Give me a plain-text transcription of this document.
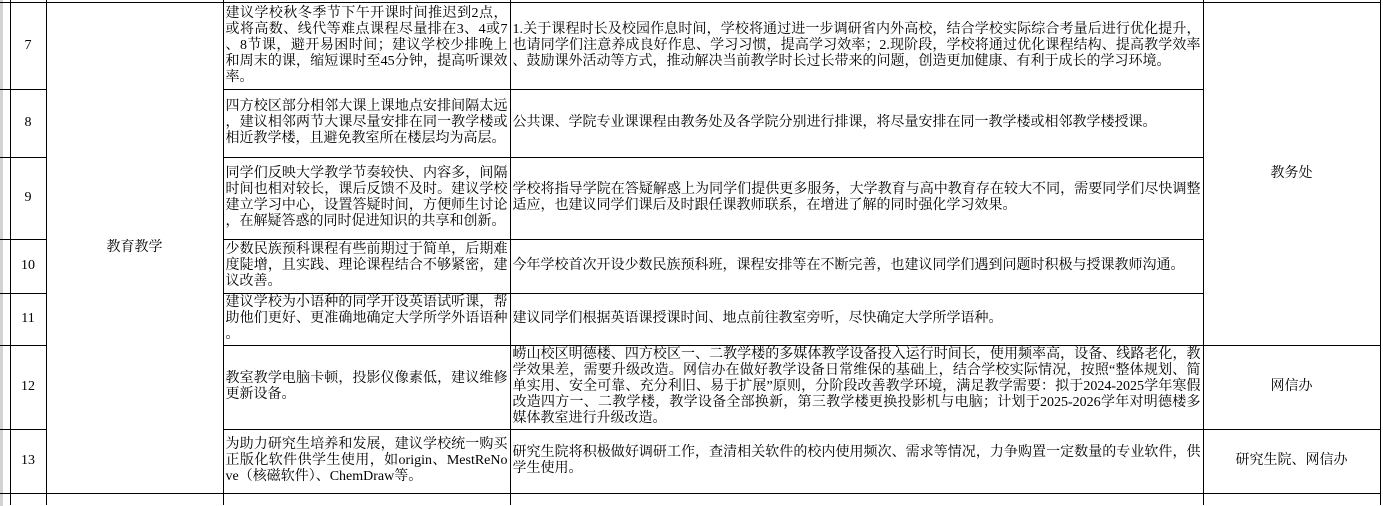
	7	教育教学	建议学校秋冬季节下午开课时间推迟到2点，或将高数、线代等难点课程尽量排在3、4或7、8节课，避开易困时间；建议学校少排晚上和周末的课，缩短课时至45分钟，提高听课效率。	1.关于课程时长及校园作息时间，学校将通过进一步调研省内外高校，结合学校实际综合考量后进行优化提升，也请同学们注意养成良好作息、学习习惯，提高学习效率；2.现阶段，学校将通过优化课程结构、提高教学效率、鼓励课外活动等方式，推动解决当前教学时长过长带来的问题，创造更加健康、有利于成长的学习环境。	教务处
	8		四方校区部分相邻大课上课地点安排间隔太远，建议相邻两节大课尽量安排在同一教学楼或相近教学楼，且避免教室所在楼层均为高层。	公共课、学院专业课课程由教务处及各学院分别进行排课，将尽量安排在同一教学楼或相邻教学楼授课。	
	9		同学们反映大学教学节奏较快、内容多，间隔时间也相对较长，课后反馈不及时。建议学校建立学习中心，设置答疑时间，方便师生讨论，在解疑答惑的同时促进知识的共享和创新。	学校将指导学院在答疑解惑上为同学们提供更多服务，大学教育与高中教育存在较大不同，需要同学们尽快调整适应，也建议同学们课后及时跟任课教师联系，在增进了解的同时强化学习效果。	
	10		少数民族预科课程有些前期过于简单，后期难度陡增，且实践、理论课程结合不够紧密，建议改善。	今年学校首次开设少数民族预科班，课程安排等在不断完善，也建议同学们遇到问题时积极与授课教师沟通。	
	11		建议学校为小语种的同学开设英语试听课，帮助他们更好、更准确地确定大学所学外语语种。	建议同学们根据英语课授课时间、地点前往教室旁听，尽快确定大学所学语种。	
	12		教室教学电脑卡顿，投影仪像素低，建议维修更新设备。	崂山校区明德楼、四方校区一、二教学楼的多媒体教学设备投入运行时间长，使用频率高，设备、线路老化，教学效果差，需要升级改造。网信办在做好教学设备日常维保的基础上，结合学校实际情况，按照“整体规划、简单实用、安全可靠、充分利旧、易于扩展”原则，分阶段改善教学环境，满足教学需要：拟于2024-2025学年寒假改造四方一、二教学楼，教学设备全部换新，第三教学楼更换投影机与电脑；计划于2025-2026学年对明德楼多媒体教室进行升级改造。	网信办
	13		为助力研究生培养和发展，建议学校统一购买正版化软件供学生使用，如origin、MestReNove（核磁软件）、ChemDraw等。	研究生院将积极做好调研工作，查清相关软件的校内使用频次、需求等情况，力争购置一定数量的专业软件，供学生使用。	研究生院、网信办
